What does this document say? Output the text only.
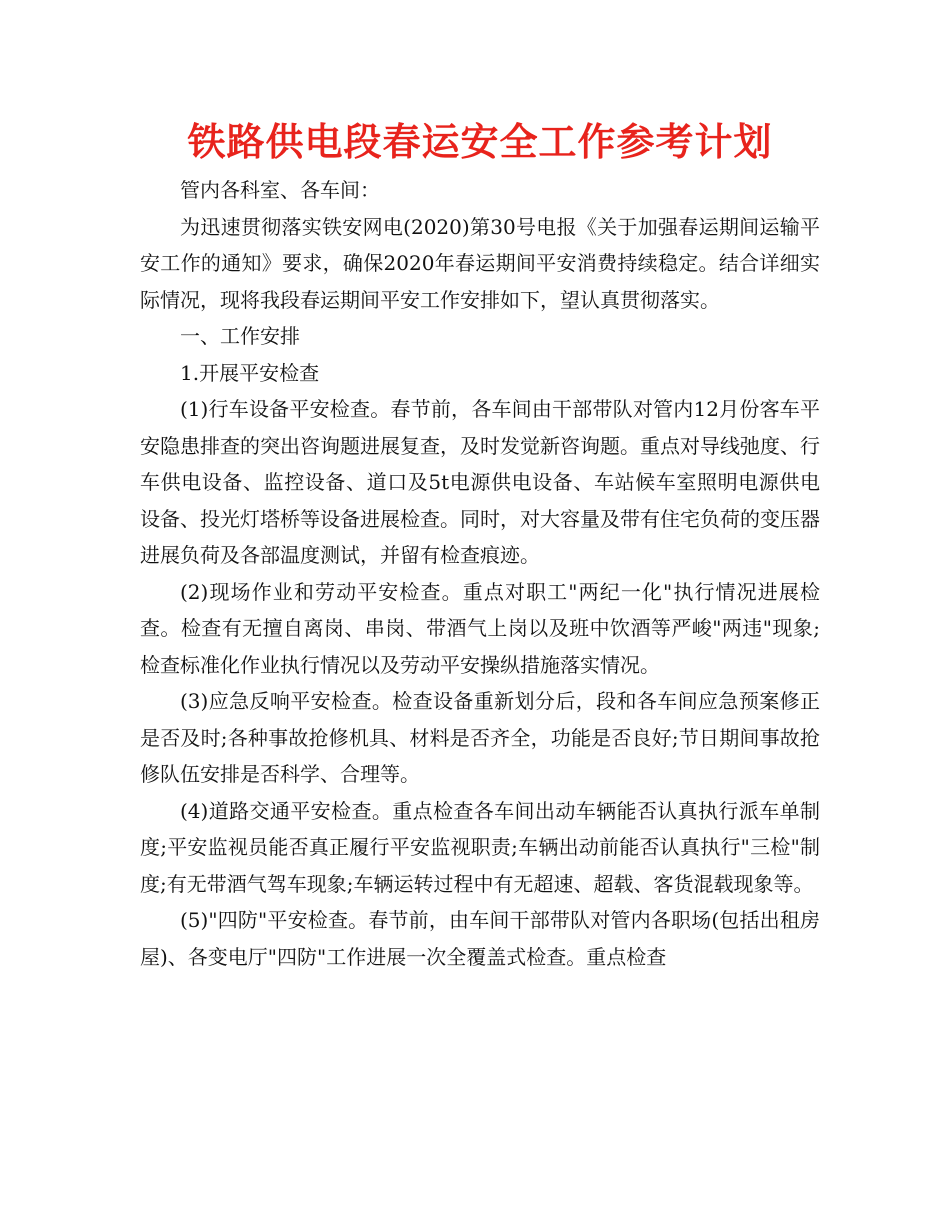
铁路供电段春运安全工作参考计划

管内各科室、各车间：

为迅速贯彻落实铁安网电(2020)第30号电报《关于加强春运期间运输平安工作的通知》要求，确保2020年春运期间平安消费持续稳定。结合详细实际情况，现将我段春运期间平安工作安排如下，望认真贯彻落实。

一、工作安排

1.开展平安检查

(1)行车设备平安检查。春节前，各车间由干部带队对管内12月份客车平安隐患排查的突出咨询题进展复查，及时发觉新咨询题。重点对导线弛度、行车供电设备、监控设备、道口及5t电源供电设备、车站候车室照明电源供电设备、投光灯塔桥等设备进展检查。同时，对大容量及带有住宅负荷的变压器进展负荷及各部温度测试，并留有检查痕迹。

(2)现场作业和劳动平安检查。重点对职工"两纪一化"执行情况进展检查。检查有无擅自离岗、串岗、带酒气上岗以及班中饮酒等严峻"两违"现象;检查标准化作业执行情况以及劳动平安操纵措施落实情况。

(3)应急反响平安检查。检查设备重新划分后，段和各车间应急预案修正是否及时;各种事故抢修机具、材料是否齐全，功能是否良好;节日期间事故抢修队伍安排是否科学、合理等。

(4)道路交通平安检查。重点检查各车间出动车辆能否认真执行派车单制度;平安监视员能否真正履行平安监视职责;车辆出动前能否认真执行"三检"制度;有无带酒气驾车现象;车辆运转过程中有无超速、超载、客货混载现象等。

(5)"四防"平安检查。春节前，由车间干部带队对管内各职场(包括出租房屋)、各变电厅"四防"工作进展一次全覆盖式检查。重点检查
